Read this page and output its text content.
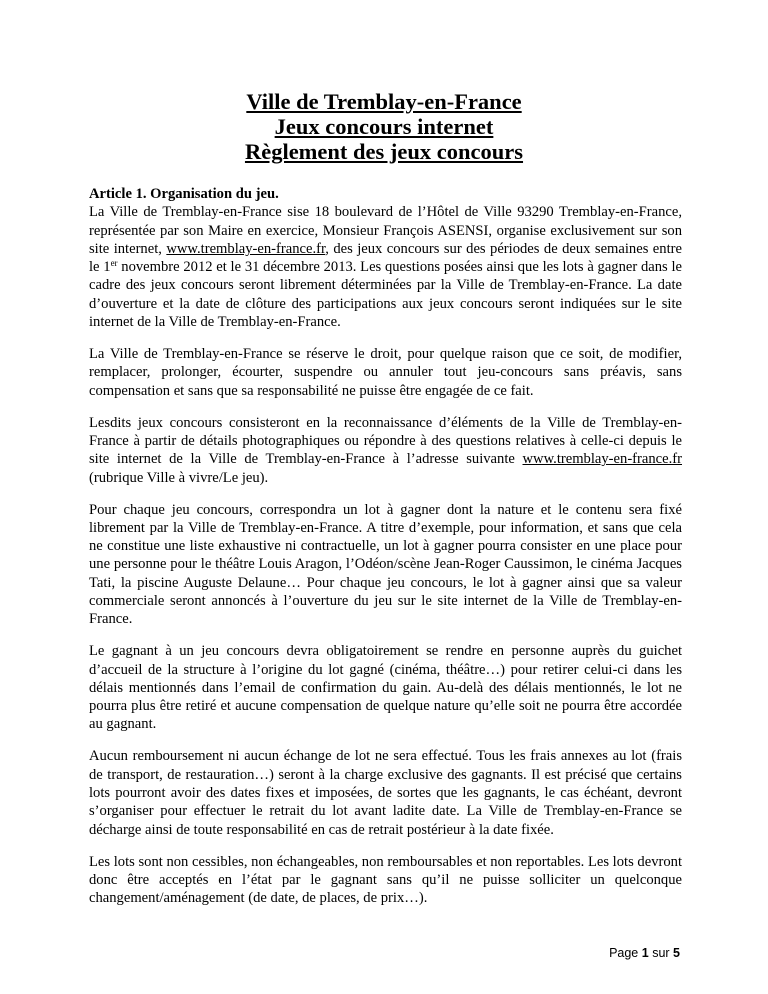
Ville de Tremblay-en-France
Jeux concours internet
Règlement des jeux concours

Article 1. Organisation du jeu.
La Ville de Tremblay-en-France sise 18 boulevard de l’Hôtel de Ville 93290 Tremblay-en-France, représentée par son Maire en exercice, Monsieur François ASENSI, organise exclusivement sur son site internet, www.tremblay-en-france.fr, des jeux concours sur des périodes de deux semaines entre le 1er novembre 2012 et le 31 décembre 2013. Les questions posées ainsi que les lots à gagner dans le cadre des jeux concours seront librement déterminées par la Ville de Tremblay-en-France. La date d’ouverture et la date de clôture des participations aux jeux concours seront indiquées sur le site internet de la Ville de Tremblay-en-France.

La Ville de Tremblay-en-France se réserve le droit, pour quelque raison que ce soit, de modifier, remplacer, prolonger, écourter, suspendre ou annuler tout jeu-concours sans préavis, sans compensation et sans que sa responsabilité ne puisse être engagée de ce fait.

Lesdits jeux concours consisteront en la reconnaissance d’éléments de la Ville de Tremblay-en-France à partir de détails photographiques ou répondre à des questions relatives à celle-ci depuis le site internet de la Ville de Tremblay-en-France à l’adresse suivante www.tremblay-en-france.fr (rubrique Ville à vivre/Le jeu).

Pour chaque jeu concours, correspondra un lot à gagner dont la nature et le contenu sera fixé librement par la Ville de Tremblay-en-France. A titre d’exemple, pour information, et sans que cela ne constitue une liste exhaustive ni contractuelle, un lot à gagner pourra consister en une place pour une personne pour le théâtre Louis Aragon, l’Odéon/scène Jean-Roger Caussimon, le cinéma Jacques Tati, la piscine Auguste Delaune… Pour chaque jeu concours, le lot à gagner ainsi que sa valeur commerciale seront annoncés à l’ouverture du jeu sur le site internet de la Ville de Tremblay-en-France.

Le gagnant à un jeu concours devra obligatoirement se rendre en personne auprès du guichet d’accueil de la structure à l’origine du lot gagné (cinéma, théâtre…) pour retirer celui-ci dans les délais mentionnés dans l’email de confirmation du gain. Au-delà des délais mentionnés, le lot ne pourra plus être retiré et aucune compensation de quelque nature qu’elle soit ne pourra être accordée au gagnant.

Aucun remboursement ni aucun échange de lot ne sera effectué. Tous les frais annexes au lot (frais de transport, de restauration…) seront à la charge exclusive des gagnants. Il est précisé que certains lots pourront avoir des dates fixes et imposées, de sortes que les gagnants, le cas échéant, devront s’organiser pour effectuer le retrait du lot avant ladite date. La Ville de Tremblay-en-France se décharge ainsi de toute responsabilité en cas de retrait postérieur à la date fixée.

Les lots sont non cessibles, non échangeables, non remboursables et non reportables. Les lots devront donc être acceptés en l’état par le gagnant sans qu’il ne puisse solliciter un quelconque changement/aménagement (de date, de places, de prix…).

Page 1 sur 5
